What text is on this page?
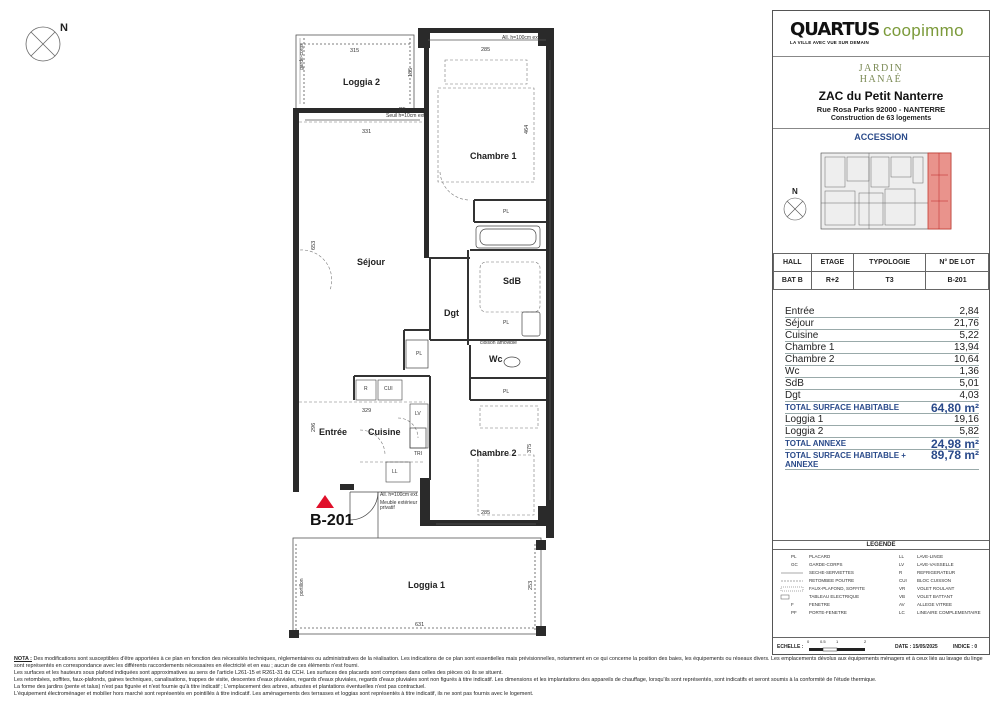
N
Loggia 2
Chambre 1
Séjour
SdB
Dgt
Wc
Entrée Cuisine
Chambre 2
Loggia 1
315
185
331
285
464
653
329
296
375
285
631
253
PL
PL
PL
PL
R	CUI
LV
TRI
LL
PF
Seuil h=10cm ext.
All. h=100cm ext.
All. h=100cm ext.
Meuble extérieur privatif
cloison amovible
garde-corps
portillon
B-201
QUARTUS
LA VILLE AVEC VUE SUR DEMAIN
coopimmo
JARDIN
HANAÉ
ZAC du Petit Nanterre
Rue Rosa Parks 92000 - NANTERRE
Construction de 63 logements
ACCESSION
N
HALL	ETAGE	TYPOLOGIE	N° DE LOT
BAT B	R+2	T3	B-201
Entrée	2,84
Séjour	21,76
Cuisine	5,22
Chambre 1	13,94
Chambre 2	10,64
Wc	1,36
SdB	5,01
Dgt	4,03
TOTAL SURFACE HABITABLE	64,80 m²
Loggia 1	19,16
Loggia 2	5,82
TOTAL ANNEXE	24,98 m²
TOTAL SURFACE HABITABLE +
ANNEXE
89,78 m²
LEGENDE
PL	PLACARD
GC	GARDE-CORPS
SECHE-SERVIETTES
RETOMBEE POUTRE
FAUX-PLAFOND, SOFFITE
TABLEAU ELECTRIQUE
F	FENETRE
PF	PORTE-FENETRE
LL	LAVE-LINGE
LV	LAVE-VAISSELLE
R	REFRIGERATEUR
CUI BLOC CUISSON
VR	VOLET ROULANT
VB	VOLET BATTANT
AV	ALLEGE VITREE
LC	LINEAIRE COMPLEMENTAIRE
ECHELLE :
0	0.5	1	2
DATE : 15/05/2025	INDICE : 0
NOTA : Des modifications sont susceptibles d'être apportées à ce plan en fonction des nécessités techniques, réglementaires ou administratives de la réalisation. Les indications de ce plan sont essentielles mais prévisionnelles, notamment en ce qui concerne la position des baies, les équipements ou réseaux divers. Les emplacements dévolus aux équipements ménagers et à ceux liés au lavage du linge sont représentés en correspondance avec les différents raccordements nécessaires en électricité et en eau ; aucun de ces éléments n'est fourni.
Les surfaces et les hauteurs sous plafond indiquées sont approximatives au sens de l'article L261-15 et R261-31 du CCH. Les surfaces des placards sont comprises dans celles des pièces où ils se situent.
Les retombées, soffites, faux-plafonds, gaines techniques, canalisations, trappes de visite, descentes d'eaux pluviales, regards d'eaux pluviales, regards d'eaux pluviales sont non figurés à titre indicatif. Les dimensions et les implantations des appareils de chauffage, lorsqu'ils sont représentés, sont indicatifs et seront soumis à la conformité de l'étude thermique.
La forme des jardins (pente et talus) n'est pas figurée et n'est fournie qu'à titre indicatif ; L'emplacement des arbres, arbustes et plantations éventuelles n'est pas contractuel.
L'équipement électroménager et mobilier hors marché sont représentés en pointillés à titre indicatif. Les aménagements des terrasses et loggias sont représentés à titre indicatif, ils ne sont pas fournis avec le logement.
